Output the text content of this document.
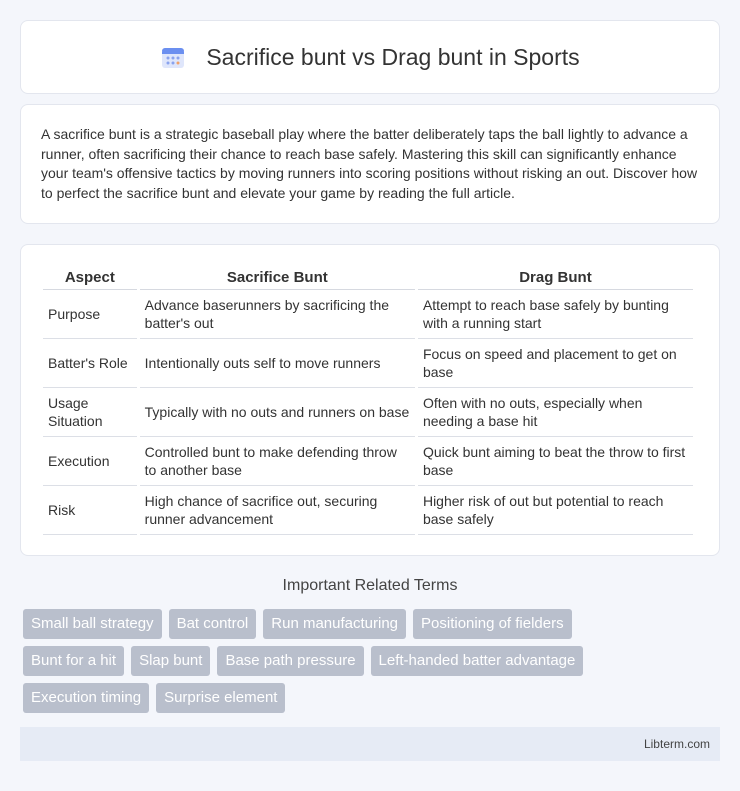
Sacrifice bunt vs Drag bunt in Sports

A sacrifice bunt is a strategic baseball play where the batter deliberately taps the ball lightly to advance a runner, often sacrificing their chance to reach base safely. Mastering this skill can significantly enhance your team's offensive tactics by moving runners into scoring positions without risking an out. Discover how to perfect the sacrifice bunt and elevate your game by reading the full article.

Aspect	Sacrifice Bunt	Drag Bunt
Purpose	Advance baserunners by sacrificing the batter's out	Attempt to reach base safely by bunting with a running start
Batter's Role	Intentionally outs self to move runners	Focus on speed and placement to get on base
Usage Situation	Typically with no outs and runners on base	Often with no outs, especially when needing a base hit
Execution	Controlled bunt to make defending throw to another base	Quick bunt aiming to beat the throw to first base
Risk	High chance of sacrifice out, securing runner advancement	Higher risk of out but potential to reach base safely
Important Related Terms
Small ball strategy	Bat control	Run manufacturing	Positioning of fielders
Bunt for a hit	Slap bunt	Base path pressure	Left-handed batter advantage
Execution timing	Surprise element
Libterm.com
